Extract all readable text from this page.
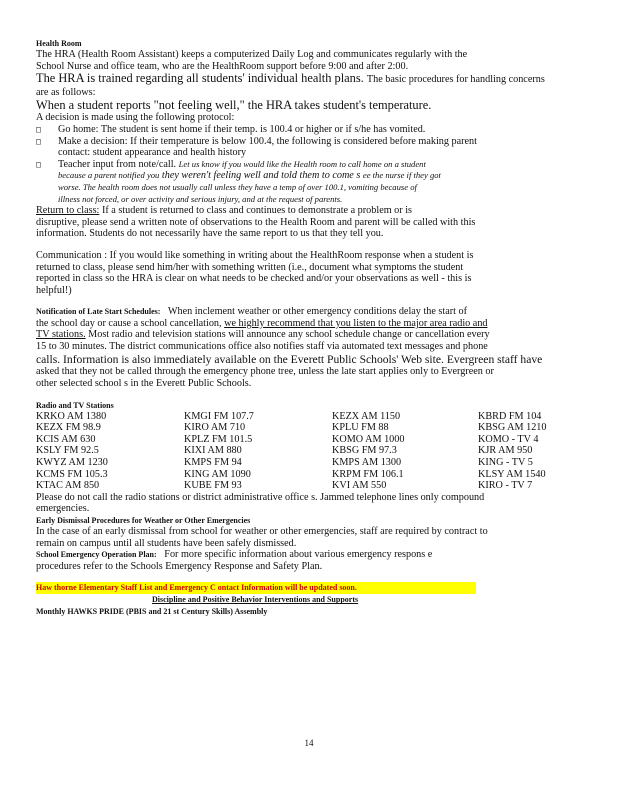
Health Room
The HRA (Health Room Assistant) keeps a computerized Daily Log and communicates regularly with the
School Nurse and office team, who are the HealthRoom support before 9:00 and after 2:00.
The HRA is trained regarding all students' individual health plans. The basic procedures for handling concerns
are as follows:
When a student reports "not feeling well," the HRA takes student's temperature.
A decision is made using the following protocol:
□ Go home: The student is sent home if their temp. is 100.4 or higher or if s/he has vomited.
□ Make a decision: If their temperature is below 100.4, the following is considered before making parent
contact: student appearance and health history
□ Teacher input from note/call. Let us know if you would like the Health room to call home on a student
because a parent notified you they weren't feeling well and told them to come s ee the nurse if they got
worse. The health room does not usually call unless they have a temp of over 100.1, vomiting because of
illness not forced, or over activity and serious injury, and at the request of parents.
Return to class: If a student is returned to class and continues to demonstrate a problem or is
disruptive, please send a written note of observations to the Health Room and parent will be called with this
information. Students do not necessarily have the same report to us that they tell you.
Communication : If you would like something in writing about the HealthRoom response when a student is
returned to class, please send him/her with something written (i.e., document what symptoms the student
reported in class so the HRA is clear on what needs to be checked and/or your observations as well - this is
helpful!)
Notification of Late Start Schedules: When inclement weather or other emergency conditions delay the start of
the school day or cause a school cancellation, we highly recommend that you listen to the major area radio and
TV stations. Most radio and television stations will announce any school schedule change or cancellation every
15 to 30 minutes. The district communications office also notifies staff via automated text messages and phone
calls. Information is also immediately available on the Everett Public Schools' Web site. Evergreen staff have
asked that they not be called through the emergency phone tree, unless the late start applies only to Evergreen or
other selected school s in the Everett Public Schools.
Radio and TV Stations
KRKO AM 1380	KMGI FM 107.7	KEZX AM 1150	KBRD FM 104
KEZX FM 98.9	KIRO AM 710	KPLU FM 88	KBSG AM 1210
KCIS AM 630	KPLZ FM 101.5	KOMO AM 1000	KOMO - TV 4
KSLY FM 92.5	KIXI AM 880	KBSG FM 97.3	KJR AM 950
KWYZ AM 1230	KMPS FM 94	KMPS AM 1300	KING - TV 5
KCMS FM 105.3	KING AM 1090	KRPM FM 106.1	KLSY AM 1540
KTAC AM 850	KUBE FM 93	KVI AM 550	KIRO - TV 7
Please do not call the radio stations or district administrative office s. Jammed telephone lines only compound
emergencies.
Early Dismissal Procedures for Weather or Other Emergencies
In the case of an early dismissal from school for weather or other emergencies, staff are required by contract to
remain on campus until all students have been safely dismissed.
School Emergency Operation Plan: For more specific information about various emergency respons e
procedures refer to the Schools Emergency Response and Safety Plan.
Haw thorne Elementary Staff List and Emergency C ontact Information will be updated soon.
Discipline and Positive Behavior Interventions and Supports
Monthly HAWKS PRIDE (PBIS and 21 st Century Skills) Assembly
14
